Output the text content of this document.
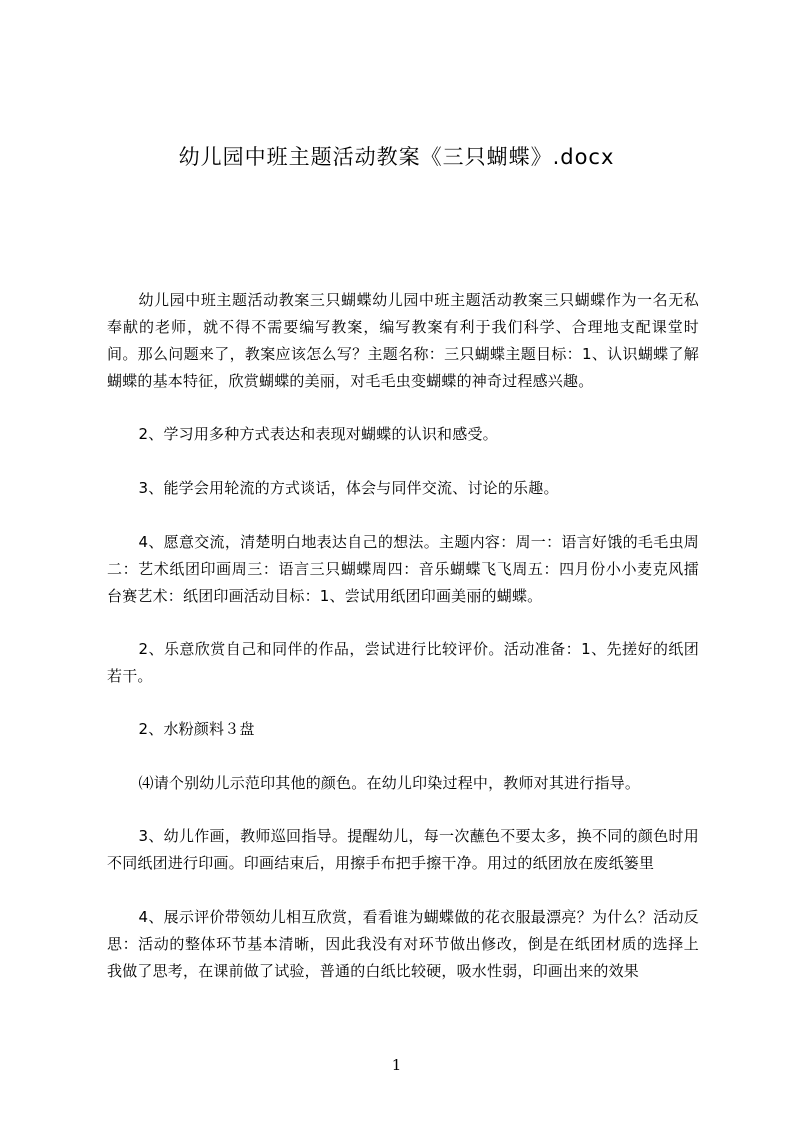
幼儿园中班主题活动教案《三只蝴蝶》.docx

幼儿园中班主题活动教案三只蝴蝶幼儿园中班主题活动教案三只蝴蝶作为一名无私奉献的老师，就不得不需要编写教案，编写教案有利于我们科学、合理地支配课堂时间。那么问题来了，教案应该怎么写？主题名称：三只蝴蝶主题目标：1、认识蝴蝶了解蝴蝶的基本特征，欣赏蝴蝶的美丽，对毛毛虫变蝴蝶的神奇过程感兴趣。

2、学习用多种方式表达和表现对蝴蝶的认识和感受。

3、能学会用轮流的方式谈话，体会与同伴交流、讨论的乐趣。

4、愿意交流，清楚明白地表达自己的想法。主题内容：周一：语言好饿的毛毛虫周二：艺术纸团印画周三：语言三只蝴蝶周四：音乐蝴蝶飞飞周五：四月份小小麦克风擂台赛艺术：纸团印画活动目标：1、尝试用纸团印画美丽的蝴蝶。

2、乐意欣赏自己和同伴的作品，尝试进行比较评价。活动准备：1、先搓好的纸团若干。

2、水粉颜料３盘

⑷请个别幼儿示范印其他的颜色。在幼儿印染过程中，教师对其进行指导。

3、幼儿作画，教师巡回指导。提醒幼儿，每一次蘸色不要太多，换不同的颜色时用不同纸团进行印画。印画结束后，用擦手布把手擦干净。用过的纸团放在废纸篓里

4、展示评价带领幼儿相互欣赏，看看谁为蝴蝶做的花衣服最漂亮？为什么？活动反思：活动的整体环节基本清晰，因此我没有对环节做出修改，倒是在纸团材质的选择上我做了思考，在课前做了试验，普通的白纸比较硬，吸水性弱，印画出来的效果

1
